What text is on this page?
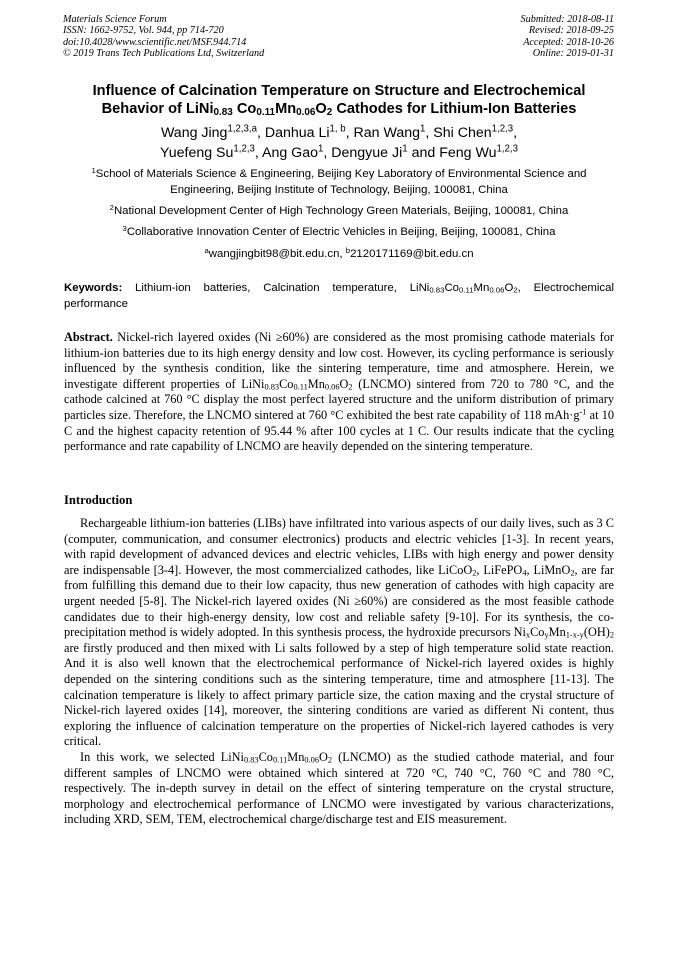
Materials Science Forum
ISSN: 1662-9752, Vol. 944, pp 714-720
doi:10.4028/www.scientific.net/MSF.944.714
© 2019 Trans Tech Publications Ltd, Switzerland
Submitted: 2018-08-11
Revised: 2018-09-25
Accepted: 2018-10-26
Online: 2019-01-31
Influence of Calcination Temperature on Structure and Electrochemical
Behavior of LiNi$_{0.83}$ $Co_{0.11}Mn_{0.06}O_2$ Cathodes for Lithium-Ion Batteries
Wang Jing$^{1,2,3,a}$, Danhua Li$^{1, b}$, Ran Wang$^1$, Shi Chen$^{1,2,3}$,
Yuefeng Su$^{1,2,3}$, Ang Gao$^1$, Dengyue Ji$^1$ and Feng Wu$^{1,2,3}$
$^1$School of Materials Science & Engineering, Beijing Key Laboratory of Environmental Science and
Engineering, Beijing Institute of Technology, Beijing, 100081, China
$^2$National Development Center of High Technology Green Materials, Beijing, 100081, China
$^3$Collaborative Innovation Center of Electric Vehicles in Beijing, Beijing, 100081, China
$^a$wangjingbit98@bit.edu.cn, $^b$2120171169@bit.edu.cn
Keywords: Lithium-ion batteries, Calcination temperature, $LiNi_{0.83}Co_{0.11}Mn_{0.06}O_2$, Electrochemical performance
Abstract. Nickel-rich layered oxides (Ni ≥60%) are considered as the most promising cathode materials for lithium-ion batteries due to its high energy density and low cost. However, its cycling performance is seriously influenced by the synthesis condition, like the sintering temperature, time and atmosphere. Herein, we investigate different properties of $LiNi_{0.83}Co_{0.11}Mn_{0.06}O_2$ (LNCMO) sintered from 720 to 780 °C, and the cathode calcined at 760 °C display the most perfect layered structure and the uniform distribution of primary particles size. Therefore, the LNCMO sintered at 760 °C exhibited the best rate capability of 118 $mAh\cdot g^{-1}$ at 10 C and the highest capacity retention of 95.44 % after 100 cycles at 1 C. Our results indicate that the cycling performance and rate capability of LNCMO are heavily depended on the sintering temperature.
Introduction

Rechargeable lithium-ion batteries (LIBs) have infiltrated into various aspects of our daily lives, such as 3 C (computer, communication, and consumer electronics) products and electric vehicles [1-3]. In recent years, with rapid development of advanced devices and electric vehicles, LIBs with high energy and power density are indispensable [3-4]. However, the most commercialized cathodes, like LiCoO$_2$, LiFePO$_4$, LiMnO$_2$, are far from fulfilling this demand due to their low capacity, thus new generation of cathodes with high capacity are urgent needed [5-8]. The Nickel-rich layered oxides (Ni ≥60%) are considered as the most feasible cathode candidates due to their high-energy density, low cost and reliable safety [9-10]. For its synthesis, the co-precipitation method is widely adopted. In this synthesis process, the hydroxide precursors $Ni_xCo_yMn_{1-x-y}(OH)_2$ are firstly produced and then mixed with Li salts followed by a step of high temperature solid state reaction. And it is also well known that the electrochemical performance of Nickel-rich layered oxides is highly depended on the sintering conditions such as the sintering temperature, time and atmosphere [11-13]. The calcination temperature is likely to affect primary particle size, the cation maxing and the crystal structure of Nickel-rich layered oxides [14], moreover, the sintering conditions are varied as different Ni content, thus exploring the influence of calcination temperature on the properties of Nickel-rich layered cathodes is very critical.

In this work, we selected $LiNi_{0.83}Co_{0.11}Mn_{0.06}O_2$ (LNCMO) as the studied cathode material, and four different samples of LNCMO were obtained which sintered at 720 °C, 740 °C, 760 °C and 780 °C, respectively. The in-depth survey in detail on the effect of sintering temperature on the crystal structure, morphology and electrochemical performance of LNCMO were investigated by various characterizations, including XRD, SEM, TEM, electrochemical charge/discharge test and EIS measurement.
